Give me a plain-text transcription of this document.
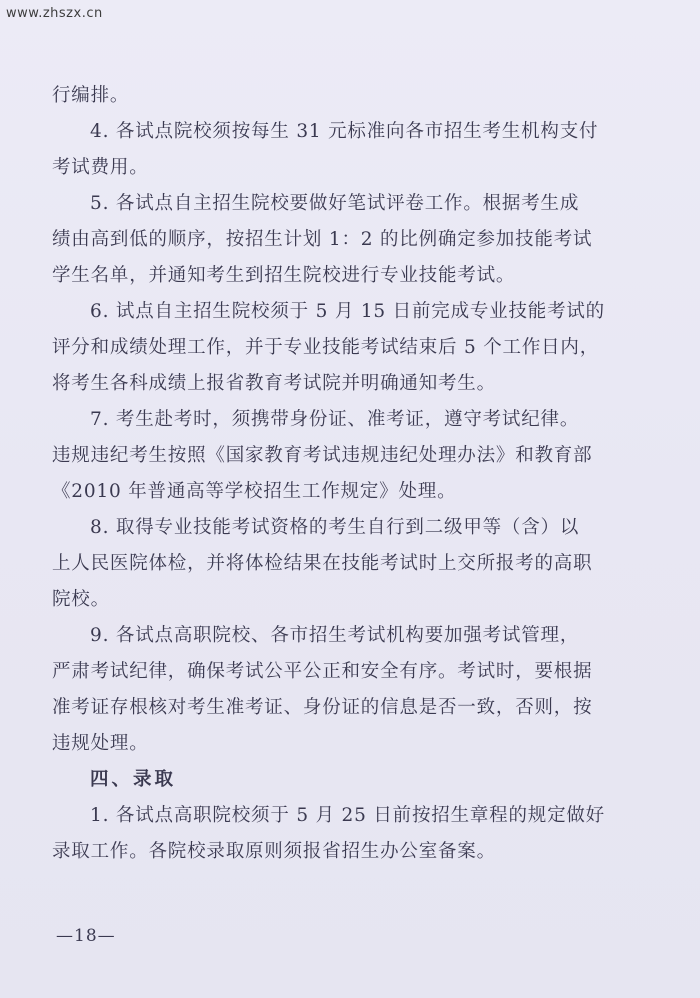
www.zhszx.cn
行编排。
4. 各试点院校须按每生 31 元标准向各市招生考生机构支付
考试费用。
5. 各试点自主招生院校要做好笔试评卷工作。根据考生成
绩由高到低的顺序，按招生计划 1：2 的比例确定参加技能考试
学生名单，并通知考生到招生院校进行专业技能考试。
6. 试点自主招生院校须于 5 月 15 日前完成专业技能考试的
评分和成绩处理工作，并于专业技能考试结束后 5 个工作日内，
将考生各科成绩上报省教育考试院并明确通知考生。
7. 考生赴考时，须携带身份证、准考证，遵守考试纪律。
违规违纪考生按照《国家教育考试违规违纪处理办法》和教育部
《2010 年普通高等学校招生工作规定》处理。
8. 取得专业技能考试资格的考生自行到二级甲等（含）以
上人民医院体检，并将体检结果在技能考试时上交所报考的高职
院校。
9. 各试点高职院校、各市招生考试机构要加强考试管理，
严肃考试纪律，确保考试公平公正和安全有序。考试时，要根据
准考证存根核对考生准考证、身份证的信息是否一致，否则，按
违规处理。
四、录取
1. 各试点高职院校须于 5 月 25 日前按招生章程的规定做好
录取工作。各院校录取原则须报省招生办公室备案。
—18—
